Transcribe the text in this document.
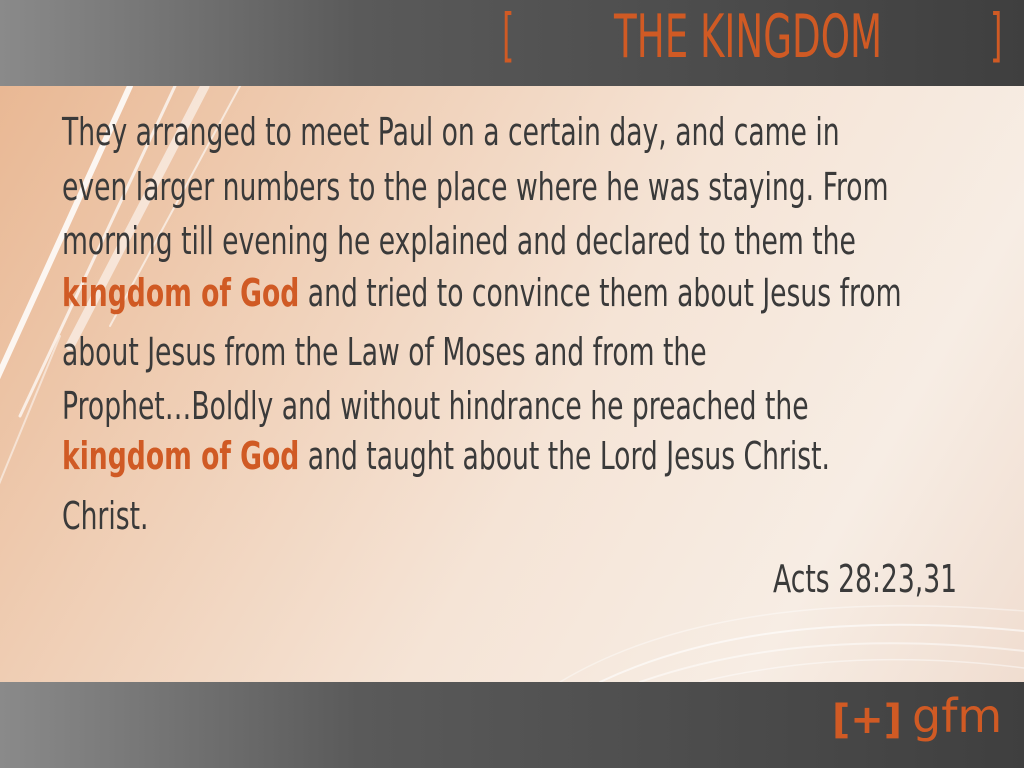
[ THE KINGDOM ]
They arranged to meet Paul on a certain day, and came in
even larger numbers to the place where he was staying. From
morning till evening he explained and declared to them the
kingdom of God and tried to convince them about Jesus from
about Jesus from the Law of Moses and from the
Prophet…Boldly and without hindrance he preached the
kingdom of God and taught about the Lord Jesus Christ.
Christ.
Acts 28:23,31
[+] gfm
